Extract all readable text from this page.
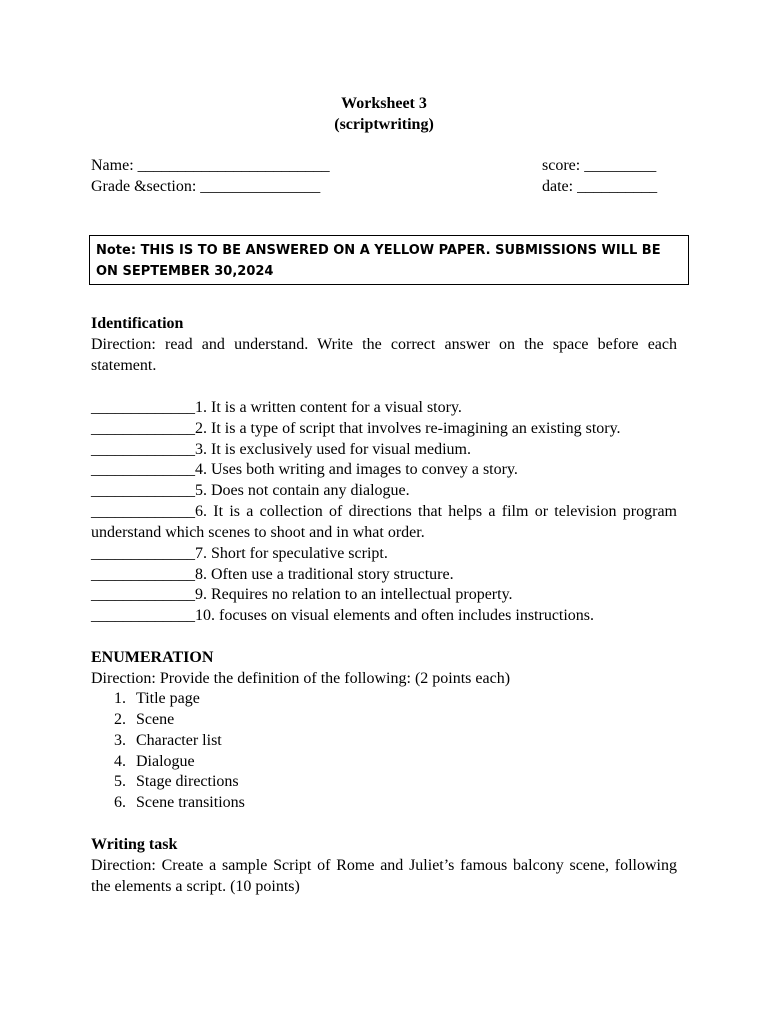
Worksheet 3
(scriptwriting)
Name: ________________________
Grade &section: _______________
score: _________
date: __________
Note: THIS IS TO BE ANSWERED ON A YELLOW PAPER. SUBMISSIONS WILL BE ON SEPTEMBER 30,2024
Identification
Direction: read and understand. Write the correct answer on the space before each statement.
_____________1. It is a written content for a visual story.
_____________2. It is a type of script that involves re-imagining an existing story.
_____________3. It is exclusively used for visual medium.
_____________4. Uses both writing and images to convey a story.
_____________5. Does not contain any dialogue.
_____________6. It is a collection of directions that helps a film or television program understand which scenes to shoot and in what order.
_____________7. Short for speculative script.
_____________8. Often use a traditional story structure.
_____________9. Requires no relation to an intellectual property.
_____________10. focuses on visual elements and often includes instructions.
ENUMERATION
Direction: Provide the definition of the following: (2 points each)
1. Title page
2. Scene
3. Character list
4. Dialogue
5. Stage directions
6. Scene transitions
Writing task
Direction: Create a sample Script of Rome and Juliet’s famous balcony scene, following the elements a script. (10 points)
